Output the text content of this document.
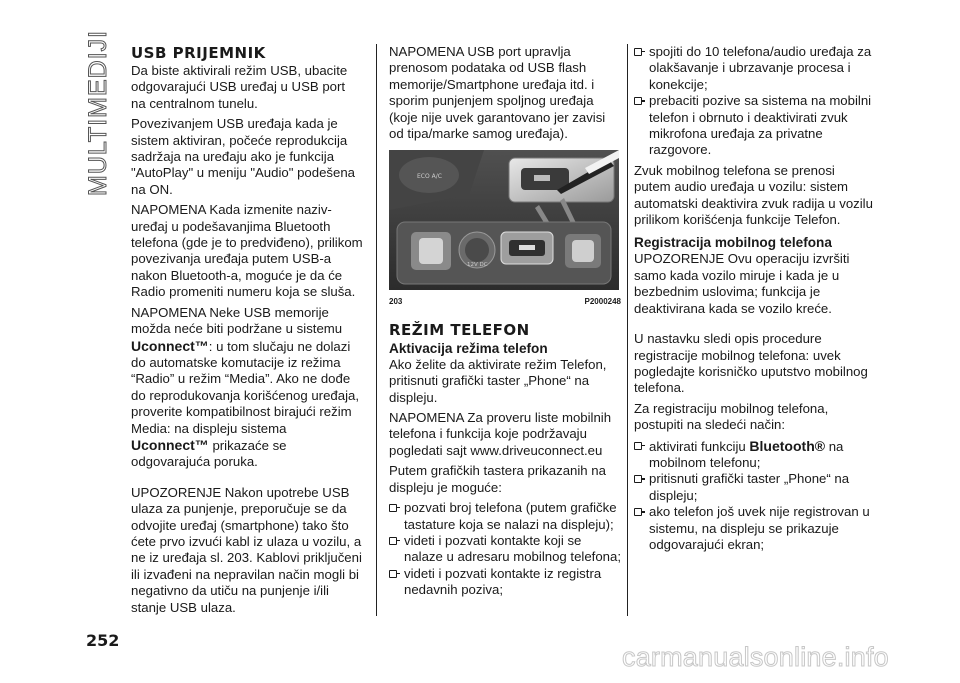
MULTIMEDIJI USB PRIJEMNIK

Da biste aktivirali režim USB, ubacite odgovarajući USB uređaj u USB port na centralnom tunelu.

Povezivanjem USB uređaja kada je sistem aktiviran, počeće reprodukcija sadržaja na uređaju ako je funkcija "AutoPlay" u meniju "Audio" podešena na ON.

NAPOMENA Kada izmenite naziv-uređaj u podešavanjima Bluetooth telefona (gde je to predviđeno), prilikom povezivanja uređaja putem USB-a nakon Bluetooth-a, moguće je da će Radio promeniti numeru koja se sluša.

NAPOMENA Neke USB memorije možda neće biti podržane u sistemu Uconnect™: u tom slučaju ne dolazi do automatske komutacije iz režima “Radio” u režim “Media”. Ako ne dođe do reprodukovanja korišćenog uređaja, proverite kompatibilnost birajući režim Media: na displeju sistema Uconnect™ prikazaće se odgovarajuća poruka.

UPOZORENJE Nakon upotrebe USB ulaza za punjenje, preporučuje se da odvojite uređaj (smartphone) tako što ćete prvo izvući kabl iz ulaza u vozilu, a ne iz uređaja sl. 203. Kablovi priključeni ili izvađeni na nepravilan način mogli bi negativno da utiču na punjenje i/ili stanje USB ulaza.

NAPOMENA USB port upravlja prenosom podataka od USB flash memorije/Smartphone uređaja itd. i sporim punjenjem spoljnog uređaja (koje nije uvek garantovano jer zavisi od tipa/marke samog uređaja).

ECO A/C
12V DC
203	P2000248
REŽIM TELEFON
Aktivacija režima telefon

Ako želite da aktivirate režim Telefon, pritisnuti grafički taster „Phone“ na displeju.

NAPOMENA Za proveru liste mobilnih telefona i funkcija koje podržavaju pogledati sajt www.driveuconnect.eu

Putem grafičkih tastera prikazanih na displeju je moguće:

pozvati broj telefona (putem grafičke tastature koja se nalazi na displeju);
videti i pozvati kontakte koji se nalaze u adresaru mobilnog telefona;
videti i pozvati kontakte iz registra nedavnih poziva;
spojiti do 10 telefona/audio uređaja za olakšavanje i ubrzavanje procesa i konekcije;
prebaciti pozive sa sistema na mobilni telefon i obrnuto i deaktivirati zvuk mikrofona uređaja za privatne razgovore.

Zvuk mobilnog telefona se prenosi putem audio uređaja u vozilu: sistem automatski deaktivira zvuk radija u vozilu prilikom korišćenja funkcije Telefon.

Registracija mobilnog telefona

UPOZORENJE Ovu operaciju izvršiti samo kada vozilo miruje i kada je u bezbednim uslovima; funkcija je deaktivirana kada se vozilo kreće.

U nastavku sledi opis procedure registracije mobilnog telefona: uvek pogledajte korisničko uputstvo mobilnog telefona.

Za registraciju mobilnog telefona, postupiti na sledeći način:

aktivirati funkciju Bluetooth® na mobilnom telefonu;
pritisnuti grafički taster „Phone“ na displeju;
ako telefon još uvek nije registrovan u sistemu, na displeju se prikazuje odgovarajući ekran;
252
carmanualsonline.info
